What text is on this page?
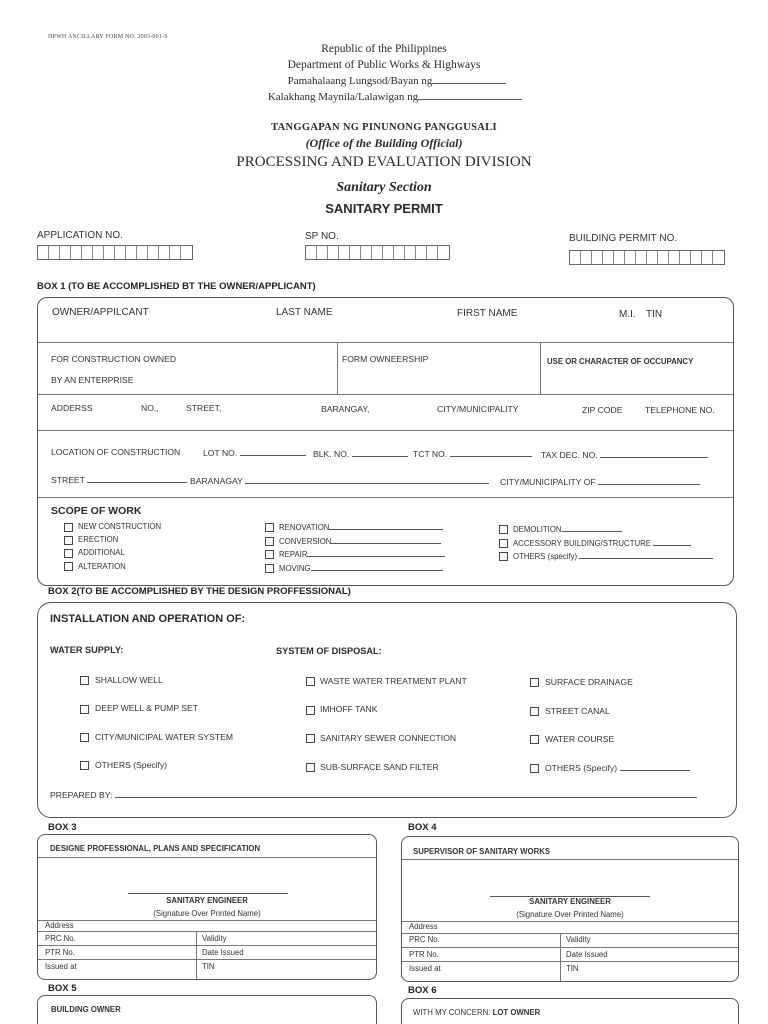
DPWH ANCILLARY FORM NO. 2003-001-S
Republic of the Philippines
Department of Public Works & Highways
Pamahalaang Lungsod/Bayan ng
Kalakhang Maynila/Lalawigan ng
TANGGAPAN NG PINUNONG PANGGUSALI
(Office of the Building Official)
PROCESSING AND EVALUATION DIVISION
Sanitary Section
SANITARY PERMIT
APPLICATION NO.	SP NO.	BUILDING PERMIT NO.
BOX 1 (TO BE ACCOMPLISHED BT THE OWNER/APPLICANT)
OWNER/APPILCANT	LAST NAME	FIRST NAME	M.I. TIN
FOR CONSTRUCTION OWNED
BY AN ENTERPRISE
FORM OWNEERSHIP	USE OR CHARACTER OF OCCUPANCY
ADDERSS	NO.,	STREET,	BARANGAY,	CITY/MUNICIPALITY	ZIP CODE	TELEPHONE NO.
LOCATION OF CONSTRUCTION	LOT NO.	BLK. NO.	TCT NO.	TAX DEC. NO.
STREET	BARANAGAY	CITY/MUNICIPALITY OF
SCOPE OF WORK
NEW CONSTRUCTION
ERECTION
ADDITIONAL
ALTERATION
RENOVATION
CONVERSION
REPAIR
MOVING
DEMOLITION
ACCESSORY BUILDING/STRUCTURE
OTHERS (specify)
BOX 2(TO BE ACCOMPLISHED BY THE DESIGN PROFFESSIONAL)
INSTALLATION AND OPERATION OF:
WATER SUPPLY:	SYSTEM OF DISPOSAL:
SHALLOW WELL
DEEP WELL & PUMP SET
CITY/MUNICIPAL WATER SYSTEM
OTHERS (Specify)
WASTE WATER TREATMENT PLANT
IMHOFF TANK
SANITARY SEWER CONNECTION
SUB-SURFACE SAND FILTER
SURFACE DRAINAGE
STREET CANAL
WATER COURSE
OTHERS (Specify)
PREPARED BY:
BOX 3
DESIGNE PROFESSIONAL, PLANS AND SPECIFICATION
SANITARY ENGINEER
(Signature Over Printed Name)
Address
PRC No.	Validity
PTR No.	Date Issued
Issued at	TIN
BOX 4
SUPERVISOR OF SANITARY WORKS
SANITARY ENGINEER
(Signature Over Printed Name)
Address
PRC No.	Validity
PTR No.	Date Issued
Issued at	TIN
BOX 5
BUILDING OWNER
BOX 6
WITH MY CONCERN: LOT OWNER
